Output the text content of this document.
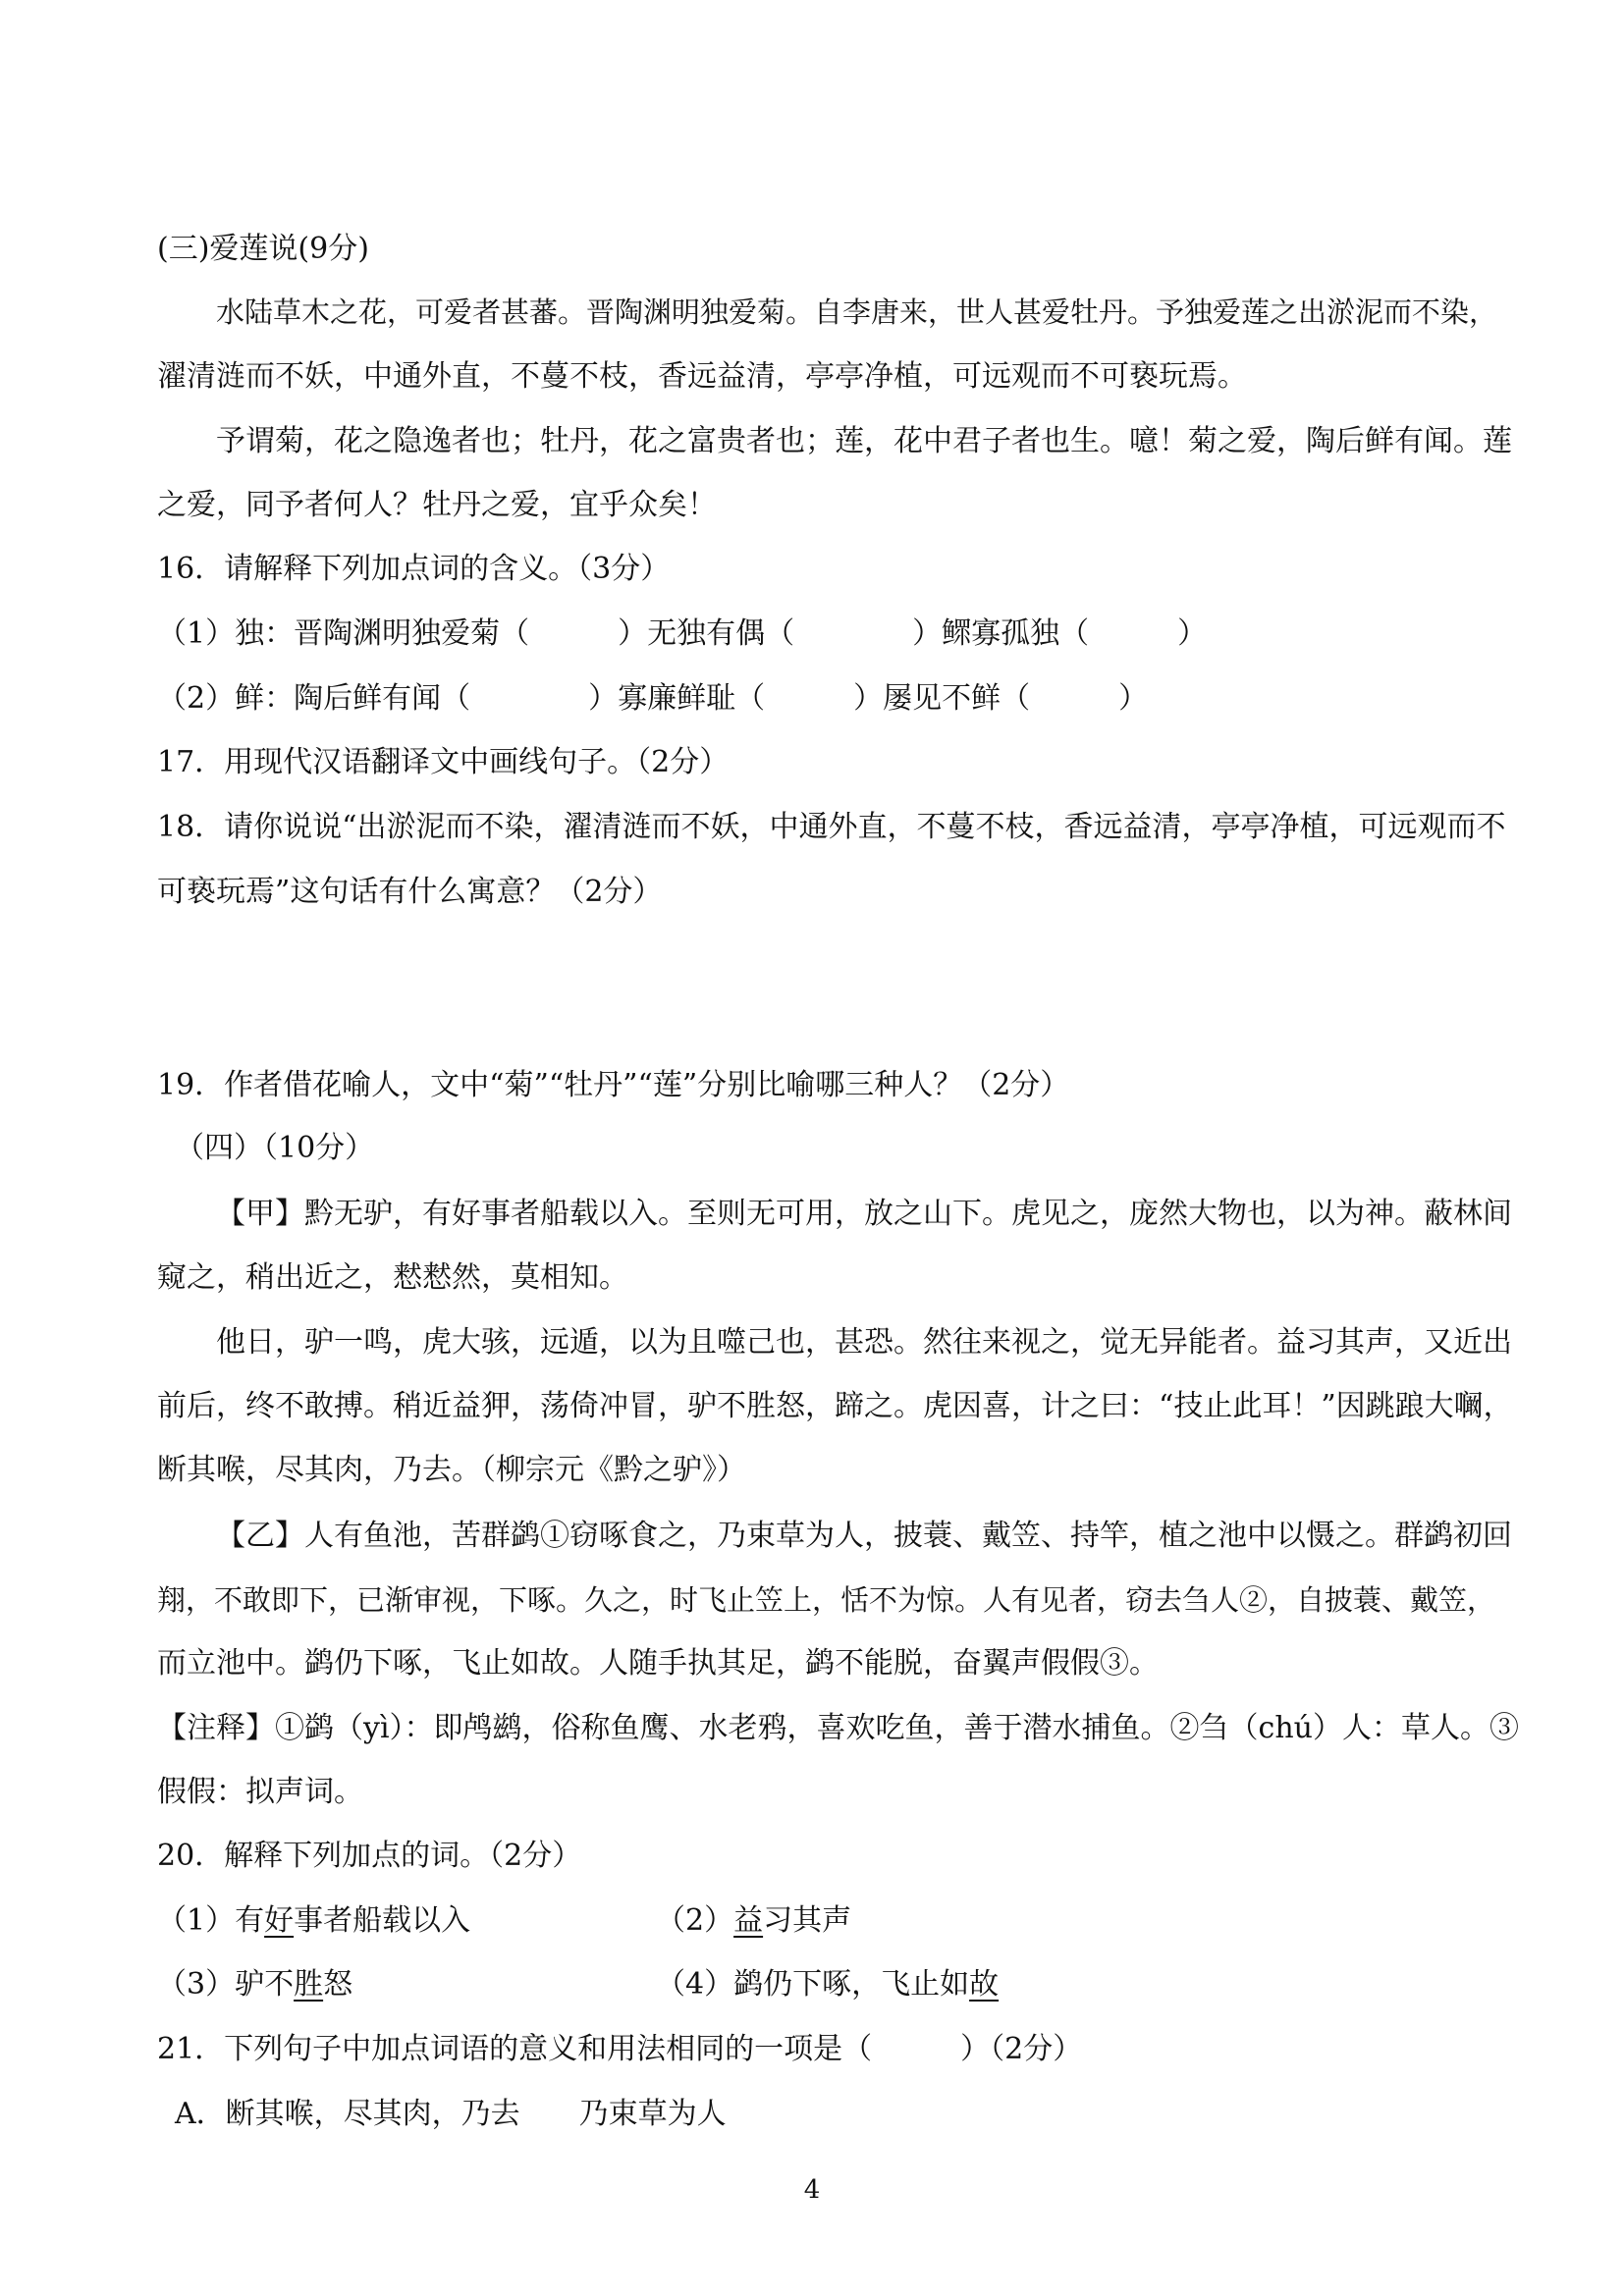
(三)爱莲说(9分)
水陆草木之花，可爱者甚蕃。晋陶渊明独爱菊。自李唐来，世人甚爱牡丹。予独爱莲之出淤泥而不染，
濯清涟而不妖，中通外直，不蔓不枝，香远益清，亭亭净植，可远观而不可亵玩焉。
予谓菊，花之隐逸者也；牡丹，花之富贵者也；莲，花中君子者也生。噫！菊之爱，陶后鲜有闻。莲
之爱，同予者何人？牡丹之爱，宜乎众矣！
16．请解释下列加点词的含义。（3分）
（1）独：晋陶渊明独爱菊（　　　）无独有偶（　　　　）鳏寡孤独（　　　）
（2）鲜：陶后鲜有闻（　　　　）寡廉鲜耻（　　　）屡见不鲜（　　　）
17．用现代汉语翻译文中画线句子。（2分）
18．请你说说“出淤泥而不染，濯清涟而不妖，中通外直，不蔓不枝，香远益清，亭亭净植，可远观而不
可亵玩焉”这句话有什么寓意？（2分）
19．作者借花喻人，文中“菊”“牡丹”“莲”分别比喻哪三种人？（2分）
（四）（10分）
【甲】黔无驴，有好事者船载以入。至则无可用，放之山下。虎见之，庞然大物也，以为神。蔽林间
窥之，稍出近之，慭慭然，莫相知。
他日，驴一鸣，虎大骇，远遁，以为且噬己也，甚恐。然往来视之，觉无异能者。益习其声，又近出
前后，终不敢搏。稍近益狎，荡倚冲冒，驴不胜怒，蹄之。虎因喜，计之曰：“技止此耳！”因跳踉大㘎，
断其喉，尽其肉，乃去。（柳宗元《黔之驴》）
【乙】人有鱼池，苦群鹢①窃啄食之，乃束草为人，披蓑、戴笠、持竿，植之池中以慑之。群鹢初回
翔，不敢即下，已渐审视，下啄。久之，时飞止笠上，恬不为惊。人有见者，窃去刍人②，自披蓑、戴笠，
而立池中。鹢仍下啄，飞止如故。人随手执其足，鹢不能脱，奋翼声假假③。
【注释】①鹢（yì）：即鸬鹚，俗称鱼鹰、水老鸦，喜欢吃鱼，善于潜水捕鱼。②刍（chú）人：草人。③
假假：拟声词。
20．解释下列加点的词。（2分）
（1）有好事者船载以入	（2）益习其声
（3）驴不胜怒	（4）鹢仍下啄，飞止如故
21．下列句子中加点词语的意义和用法相同的一项是（　　　）（2分）
A．断其喉，尽其肉，乃去　　乃束草为人
4
